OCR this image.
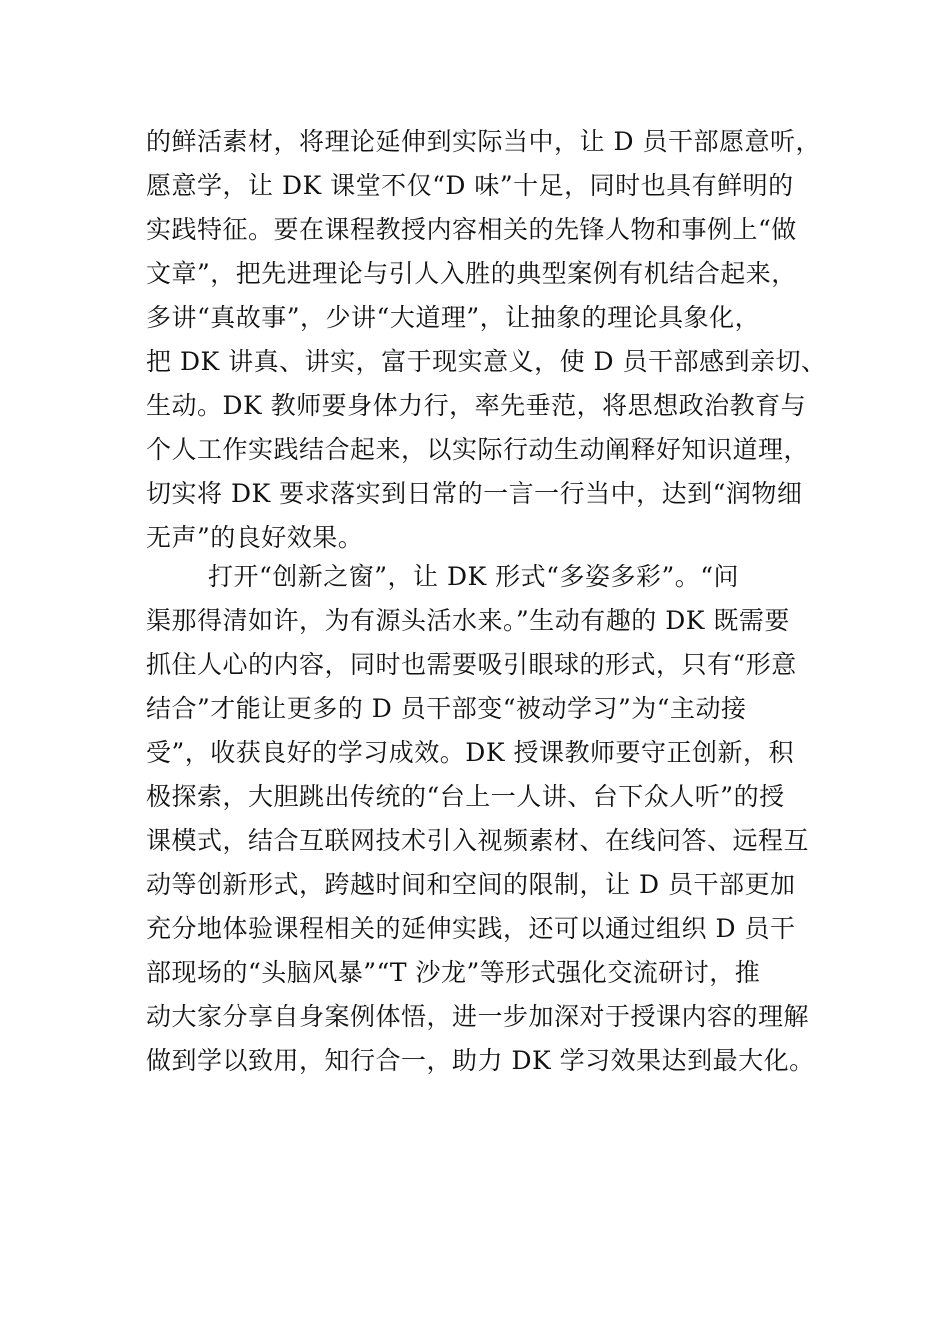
的鲜活素材，将理论延伸到实际当中，让 D 员干部愿意听，
愿意学，让 DK 课堂不仅“D 味”十足，同时也具有鲜明的
实践特征。要在课程教授内容相关的先锋人物和事例上“做
文章”，把先进理论与引人入胜的典型案例有机结合起来，
多讲“真故事”，少讲“大道理”，让抽象的理论具象化，
把 DK 讲真、讲实，富于现实意义，使 D 员干部感到亲切、
生动。DK 教师要身体力行，率先垂范，将思想政治教育与
个人工作实践结合起来，以实际行动生动阐释好知识道理，
切实将 DK 要求落实到日常的一言一行当中，达到“润物细
无声”的良好效果。
打开“创新之窗”，让 DK 形式“多姿多彩”。“问
渠那得清如许，为有源头活水来。”生动有趣的 DK 既需要
抓住人心的内容，同时也需要吸引眼球的形式，只有“形意
结合”才能让更多的 D 员干部变“被动学习”为“主动接
受”，收获良好的学习成效。DK 授课教师要守正创新，积
极探索，大胆跳出传统的“台上一人讲、台下众人听”的授
课模式，结合互联网技术引入视频素材、在线问答、远程互
动等创新形式，跨越时间和空间的限制，让 D 员干部更加
充分地体验课程相关的延伸实践，还可以通过组织 D 员干
部现场的“头脑风暴”“T 沙龙”等形式强化交流研讨，推
动大家分享自身案例体悟，进一步加深对于授课内容的理解
做到学以致用，知行合一，助力 DK 学习效果达到最大化。
